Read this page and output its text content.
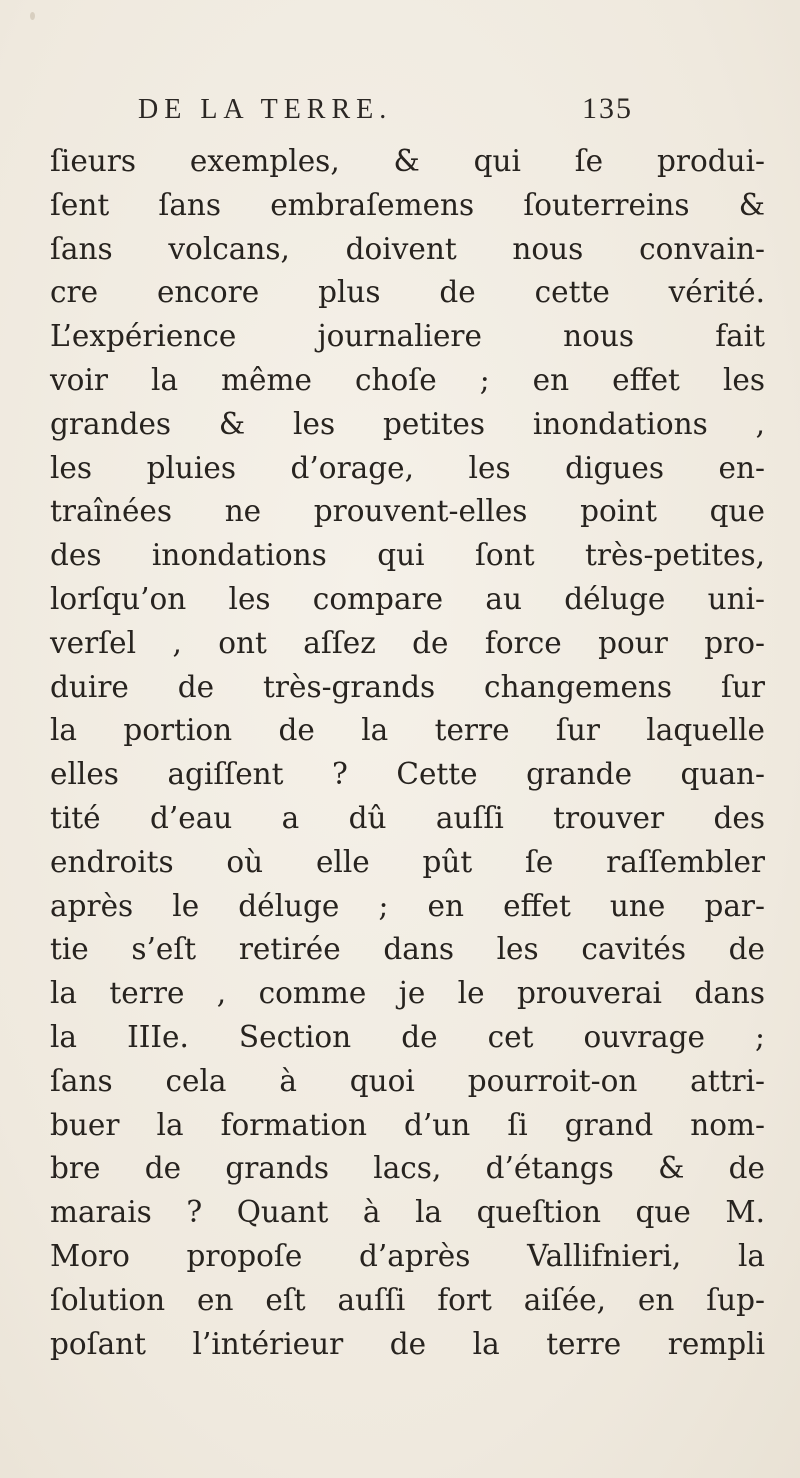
DE LA TERRE.	135
ſieurs exemples, & qui ſe produi-
ſent ſans embraſemens ſouterreins &
ſans volcans, doivent nous convain-
cre encore plus de cette vérité.
L’expérience journaliere nous fait
voir la même choſe ; en effet les
grandes & les petites inondations ,
les pluies d’orage, les digues en-
traînées ne prouvent-elles point que
des inondations qui ſont très-petites,
lorſqu’on les compare au déluge uni-
verſel , ont aſſez de force pour pro-
duire de très-grands changemens ſur
la portion de la terre ſur laquelle
elles agiſſent ? Cette grande quan-
tité d’eau a dû auſſi trouver des
endroits où elle pût ſe raſſembler
après le déluge ; en effet une par-
tie s’eſt retirée dans les cavités de
la terre , comme je le prouverai dans
la IIIe. Section de cet ouvrage ;
ſans cela à quoi pourroit-on attri-
buer la formation d’un ſi grand nom-
bre de grands lacs, d’étangs & de
marais ? Quant à la queſtion que M.
Moro propoſe d’après Vallifnieri, la
ſolution en eſt auſſi fort aiſée, en ſup-
poſant l’intérieur de la terre rempli
